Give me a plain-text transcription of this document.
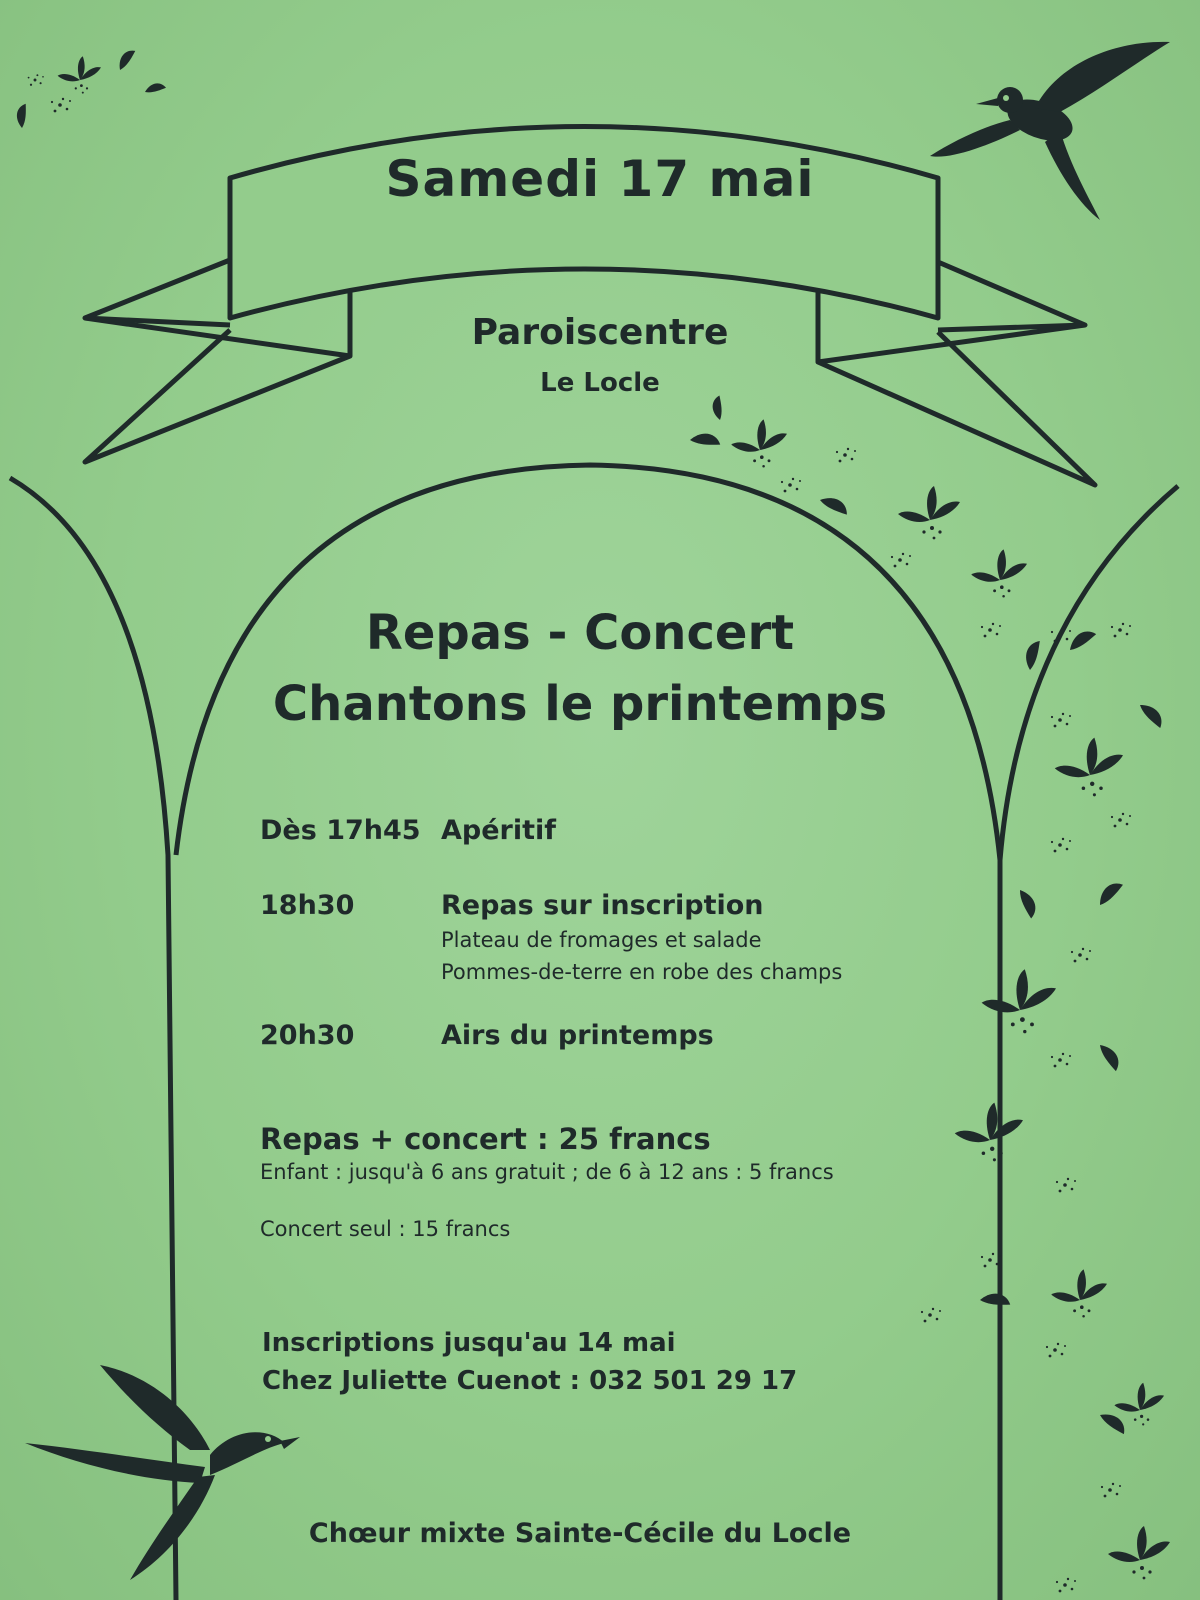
Samedi 17 mai
Paroiscentre
Le Locle
Repas - Concert
Chantons le printemps
Dès 17h45 Apéritif
18h30	Repas sur inscription
Plateau de fromages et salade
Pommes-de-terre en robe des champs
20h30	Airs du printemps
Repas + concert : 25 francs
Enfant : jusqu'à 6 ans gratuit ; de 6 à 12 ans : 5 francs
Concert seul : 15 francs
Inscriptions jusqu'au 14 mai
Chez Juliette Cuenot : 032 501 29 17
Chœur mixte Sainte-Cécile du Locle
